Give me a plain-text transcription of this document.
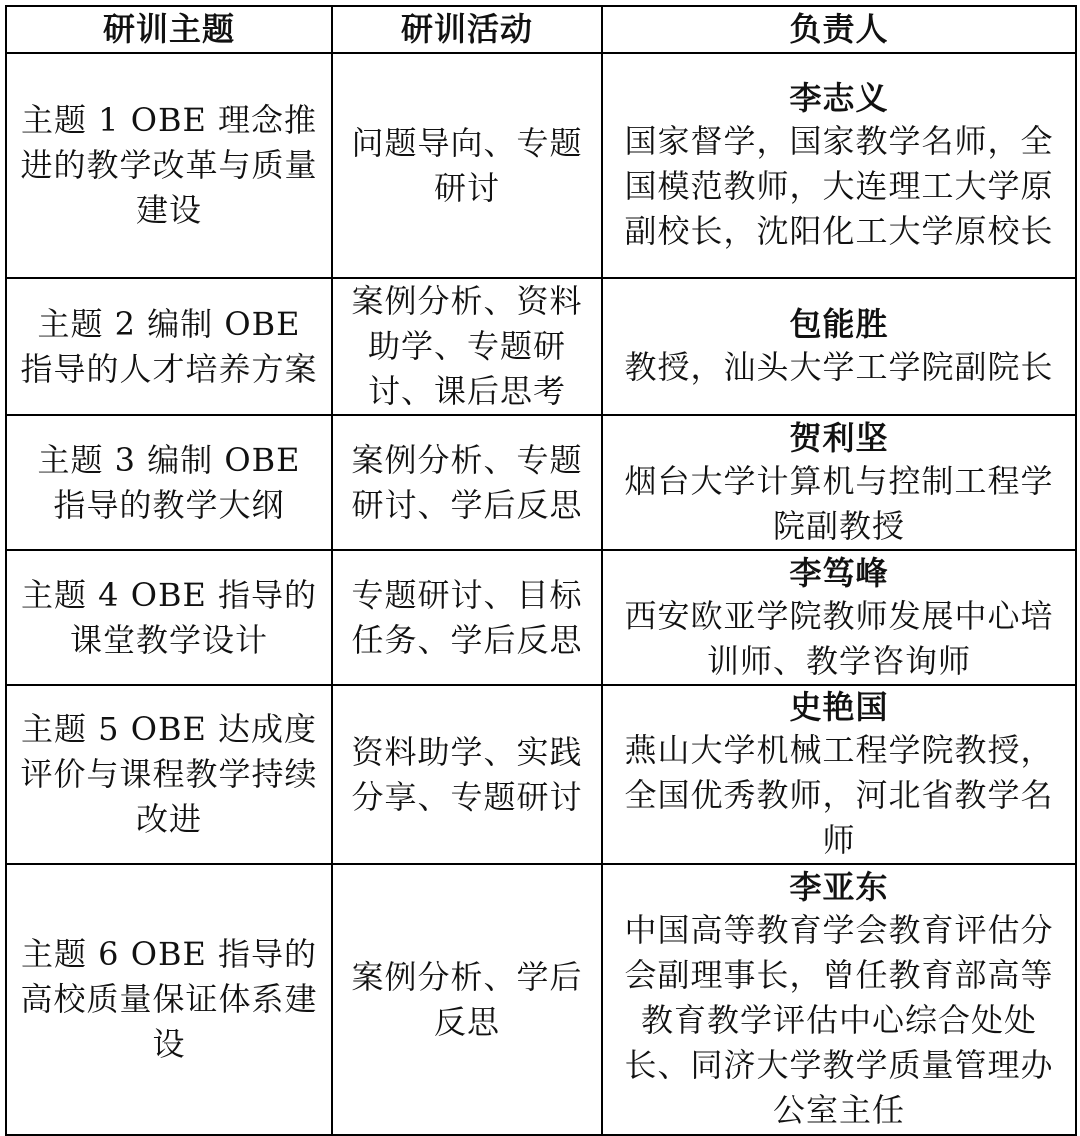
研训主题	研训活动	负责人
主题 1 OBE 理念推进的教学改革与质量建设	问题导向、专题研讨	李志义
国家督学，国家教学名师，全国模范教师，大连理工大学原副校长，沈阳化工大学原校长

主题 2 编制 OBE 指导的人才培养方案	案例分析、资料助学、专题研讨、课后思考	包能胜
教授，汕头大学工学院副院长

主题 3 编制 OBE 指导的教学大纲	案例分析、专题研讨、学后反思	贺利坚
烟台大学计算机与控制工程学院副教授

主题 4 OBE 指导的课堂教学设计	专题研讨、目标任务、学后反思	李笃峰
西安欧亚学院教师发展中心培训师、教学咨询师

主题 5 OBE 达成度评价与课程教学持续改进	资料助学、实践分享、专题研讨	史艳国
燕山大学机械工程学院教授，全国优秀教师，河北省教学名师

主题 6 OBE 指导的高校质量保证体系建设	案例分析、学后反思	李亚东
中国高等教育学会教育评估分会副理事长，曾任教育部高等教育教学评估中心综合处处长、同济大学教学质量管理办公室主任
